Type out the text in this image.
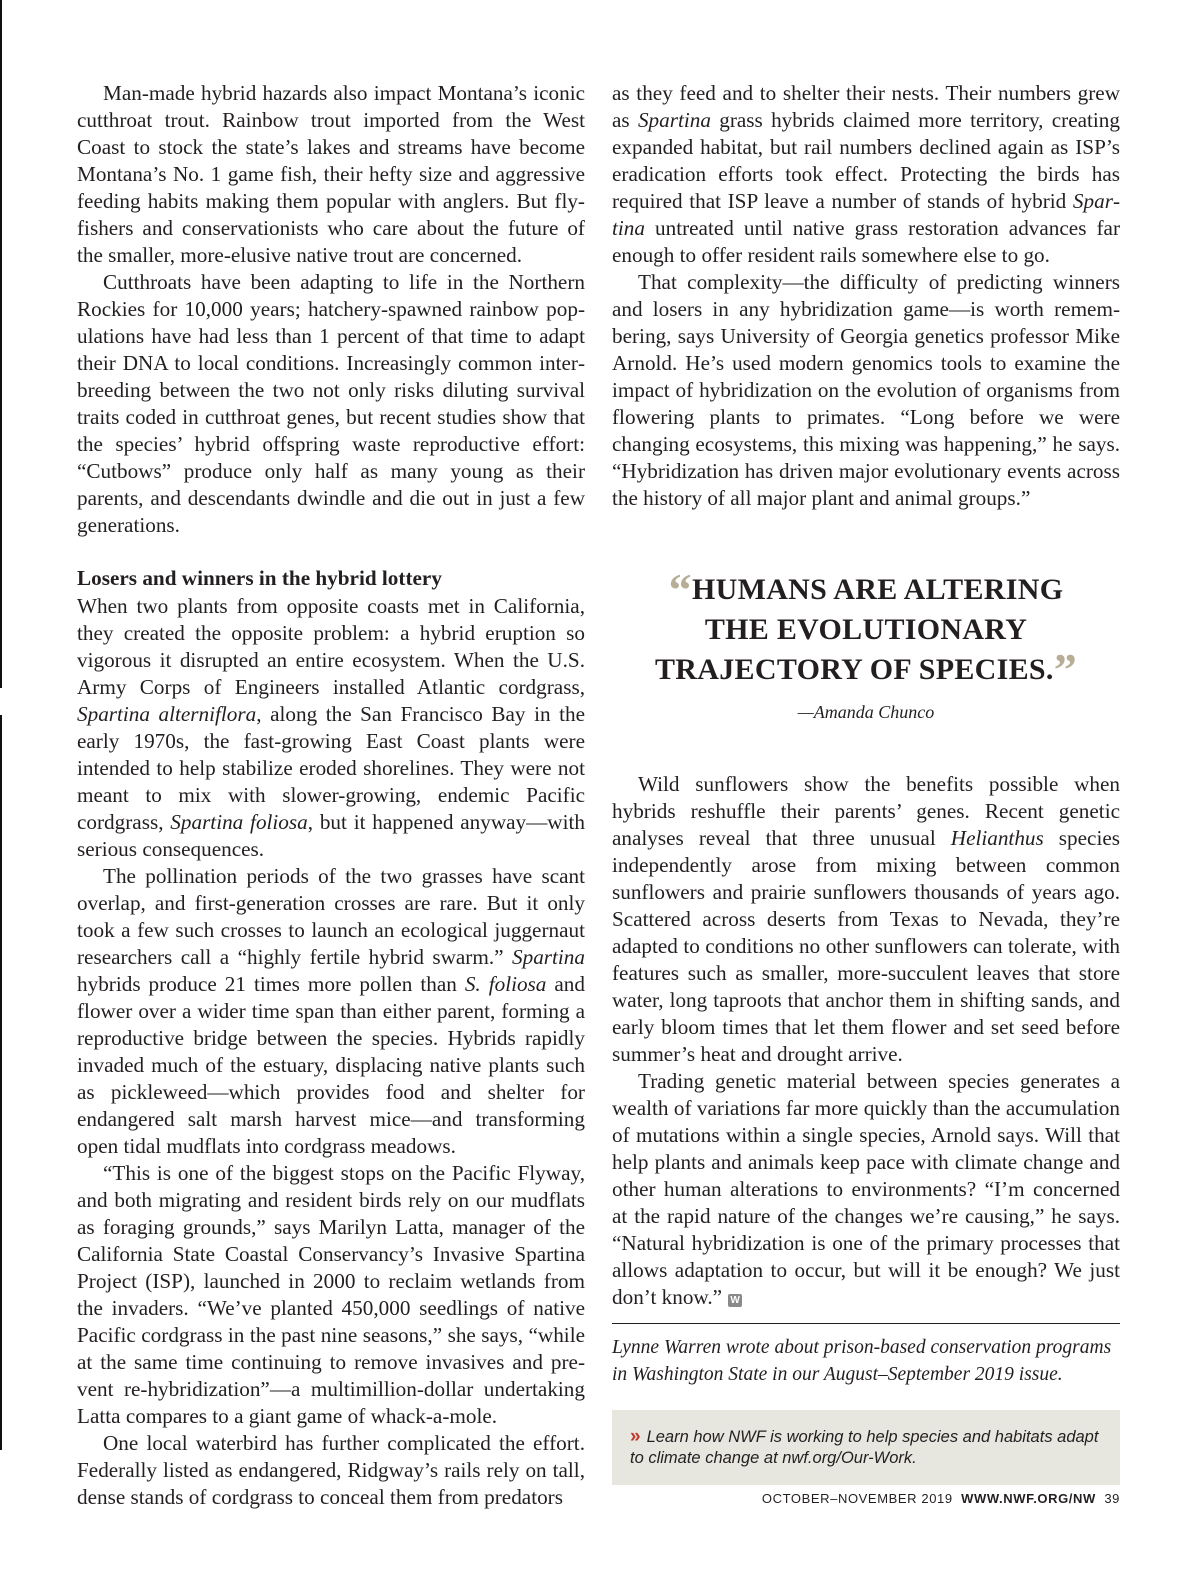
Man-made hybrid hazards also impact Montana’s iconic cutthroat trout. Rainbow trout imported from the West Coast to stock the state’s lakes and streams have become Montana’s No. 1 game fish, their hefty size and aggressive feeding habits making them popular with anglers. But fly-fishers and conservationists who care about the future of the smaller, more-elusive native trout are concerned.

Cutthroats have been adapting to life in the Northern Rockies for 10,000 years; hatchery-spawned rainbow populations have had less than 1 percent of that time to adapt their DNA to local conditions. Increasingly common interbreeding between the two not only risks diluting survival traits coded in cutthroat genes, but recent studies show that the species’ hybrid offspring waste reproductive effort: “Cutbows” produce only half as many young as their parents, and descendants dwindle and die out in just a few generations.

Losers and winners in the hybrid lottery

When two plants from opposite coasts met in California, they created the opposite problem: a hybrid eruption so vigorous it disrupted an entire ecosystem. When the U.S. Army Corps of Engineers installed Atlantic cordgrass, Spartina alterniflora, along the San Francisco Bay in the early 1970s, the fast-growing East Coast plants were intended to help stabilize eroded shorelines. They were not meant to mix with slower-growing, endemic Pacific cordgrass, Spartina foliosa, but it happened anyway—with serious consequences.

The pollination periods of the two grasses have scant overlap, and first-generation crosses are rare. But it only took a few such crosses to launch an ecological juggernaut researchers call a “highly fertile hybrid swarm.” Spartina hybrids produce 21 times more pollen than S. foliosa and flower over a wider time span than either parent, forming a reproductive bridge between the species. Hybrids rapidly invaded much of the estuary, displacing native plants such as pickleweed—which provides food and shelter for endangered salt marsh harvest mice—and transforming open tidal mudflats into cordgrass meadows.

“This is one of the biggest stops on the Pacific Flyway, and both migrating and resident birds rely on our mudflats as foraging grounds,” says Marilyn Latta, manager of the California State Coastal Conservancy’s Invasive Spartina Project (ISP), launched in 2000 to reclaim wetlands from the invaders. “We’ve planted 450,000 seedlings of native Pacific cordgrass in the past nine seasons,” she says, “while at the same time continuing to remove invasives and prevent re-hybridization”—a multimillion-dollar undertaking Latta compares to a giant game of whack-a-mole.

One local waterbird has further complicated the effort. Federally listed as endangered, Ridgway’s rails rely on tall, dense stands of cordgrass to conceal them from predators

as they feed and to shelter their nests. Their numbers grew as Spartina grass hybrids claimed more territory, creating expanded habitat, but rail numbers declined again as ISP’s eradication efforts took effect. Protecting the birds has required that ISP leave a number of stands of hybrid Spartina untreated until native grass restoration advances far enough to offer resident rails somewhere else to go.

That complexity—the difficulty of predicting winners and losers in any hybridization game—is worth remembering, says University of Georgia genetics professor Mike Arnold. He’s used modern genomics tools to examine the impact of hybridization on the evolution of organisms from flowering plants to primates. “Long before we were changing ecosystems, this mixing was happening,” he says. “Hybridization has driven major evolutionary events across the history of all major plant and animal groups.”

“HUMANS ARE ALTERING
THE EVOLUTIONARY
TRAJECTORY OF SPECIES.”
—Amanda Chunco

Wild sunflowers show the benefits possible when hybrids reshuffle their parents’ genes. Recent genetic analyses reveal that three unusual Helianthus species independently arose from mixing between common sunflowers and prairie sunflowers thousands of years ago. Scattered across deserts from Texas to Nevada, they’re adapted to conditions no other sunflowers can tolerate, with features such as smaller, more-succulent leaves that store water, long taproots that anchor them in shifting sands, and early bloom times that let them flower and set seed before summer’s heat and drought arrive.

Trading genetic material between species generates a wealth of variations far more quickly than the accumulation of mutations within a single species, Arnold says. Will that help plants and animals keep pace with climate change and other human alterations to environments? “I’m concerned at the rapid nature of the changes we’re causing,” he says. “Natural hybridization is one of the primary processes that allows adaptation to occur, but will it be enough? We just don’t know.” W

Lynne Warren wrote about prison-based conservation programs in Washington State in our August–September 2019 issue.
» Learn how NWF is working to help species and habitats adapt to climate change at nwf.org/Our-Work.
OCTOBER–NOVEMBER 2019 WWW.NWF.ORG/NW 39
